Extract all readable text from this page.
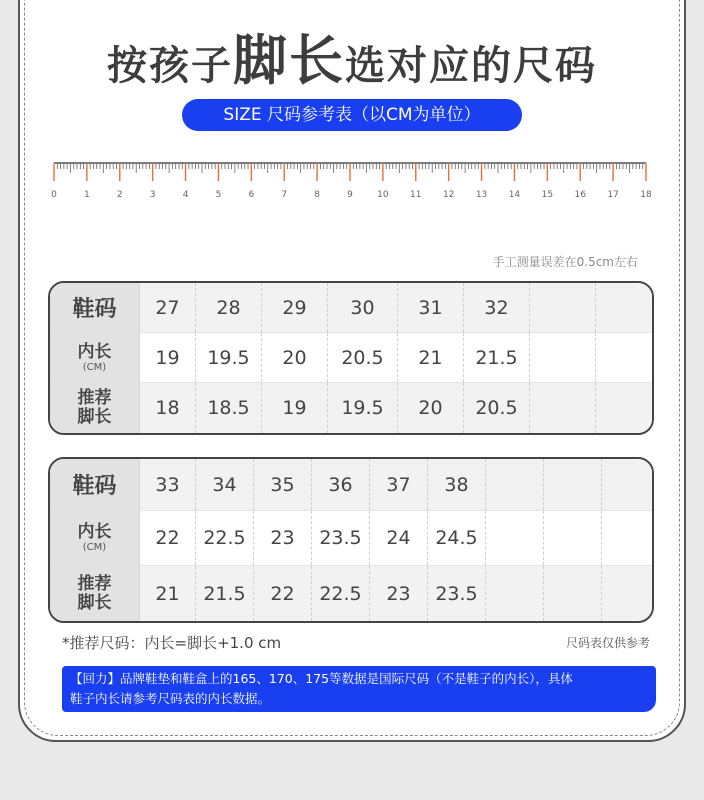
按孩子脚长选对应的尺码
SIZE 尺码参考表（以CM为单位）
0	1	2	3	4	5	6	7	8	9	10 11 12 13 14 15 16 17 18
手工测量误差在0.5cm左右
鞋码	27	28	29	30	31	32
内长
(CM)	19	19.5	20	20.5	21	21.5
推荐
脚长	18	18.5	19	19.5	20	20.5
鞋码	33	34	35	36	37	38
内长
(CM)	22	22.5	23	23.5	24	24.5
推荐
脚长	21	21.5	22	22.5	23	23.5
*推荐尺码：内长=脚长+1.0 cm	尺码表仅供参考
【回力】品牌鞋垫和鞋盒上的165、170、175等数据是国际尺码（不是鞋子的内长），具体
鞋子内长请参考尺码表的内长数据。
